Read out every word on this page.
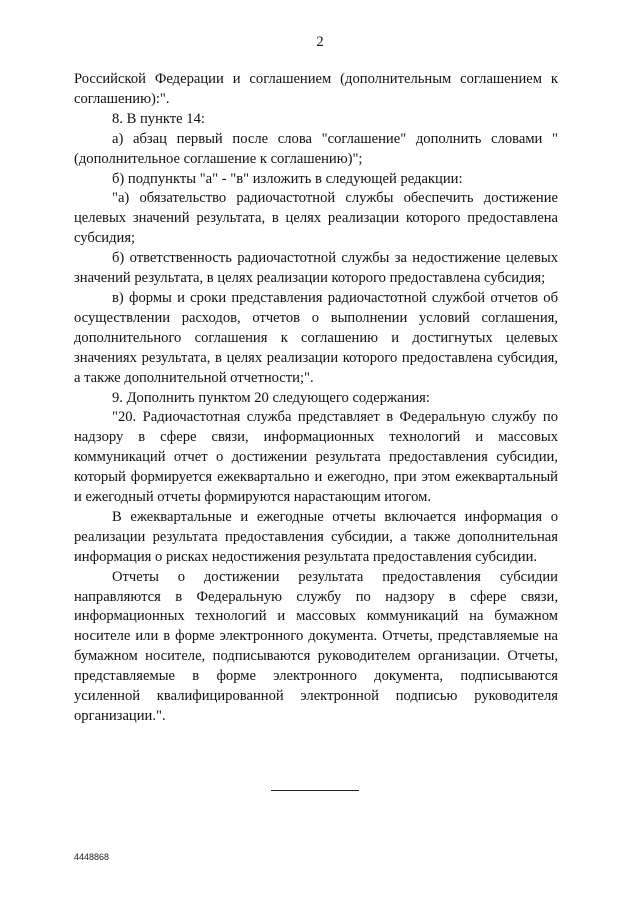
2

Российской Федерации и соглашением (дополнительным соглашением к соглашению):".

8. В пункте 14:

а) абзац первый после слова "соглашение" дополнить словами "(дополнительное соглашение к соглашению)";

б) подпункты "а" - "в" изложить в следующей редакции:

"а) обязательство радиочастотной службы обеспечить достижение целевых значений результата, в целях реализации которого предоставлена субсидия;

б) ответственность радиочастотной службы за недостижение целевых значений результата, в целях реализации которого предоставлена субсидия;

в) формы и сроки представления радиочастотной службой отчетов об осуществлении расходов, отчетов о выполнении условий соглашения, дополнительного соглашения к соглашению и достигнутых целевых значениях результата, в целях реализации которого предоставлена субсидия, а также дополнительной отчетности;".

9. Дополнить пунктом 20 следующего содержания:

"20. Радиочастотная служба представляет в Федеральную службу по надзору в сфере связи, информационных технологий и массовых коммуникаций отчет о достижении результата предоставления субсидии, который формируется ежеквартально и ежегодно, при этом ежеквартальный и ежегодный отчеты формируются нарастающим итогом.

В ежеквартальные и ежегодные отчеты включается информация о реализации результата предоставления субсидии, а также дополнительная информация о рисках недостижения результата предоставления субсидии.

Отчеты о достижении результата предоставления субсидии направляются в Федеральную службу по надзору в сфере связи, информационных технологий и массовых коммуникаций на бумажном носителе или в форме электронного документа. Отчеты, представляемые на бумажном носителе, подписываются руководителем организации. Отчеты, представляемые в форме электронного документа, подписываются усиленной квалифицированной электронной подписью руководителя организации.".

4448868
